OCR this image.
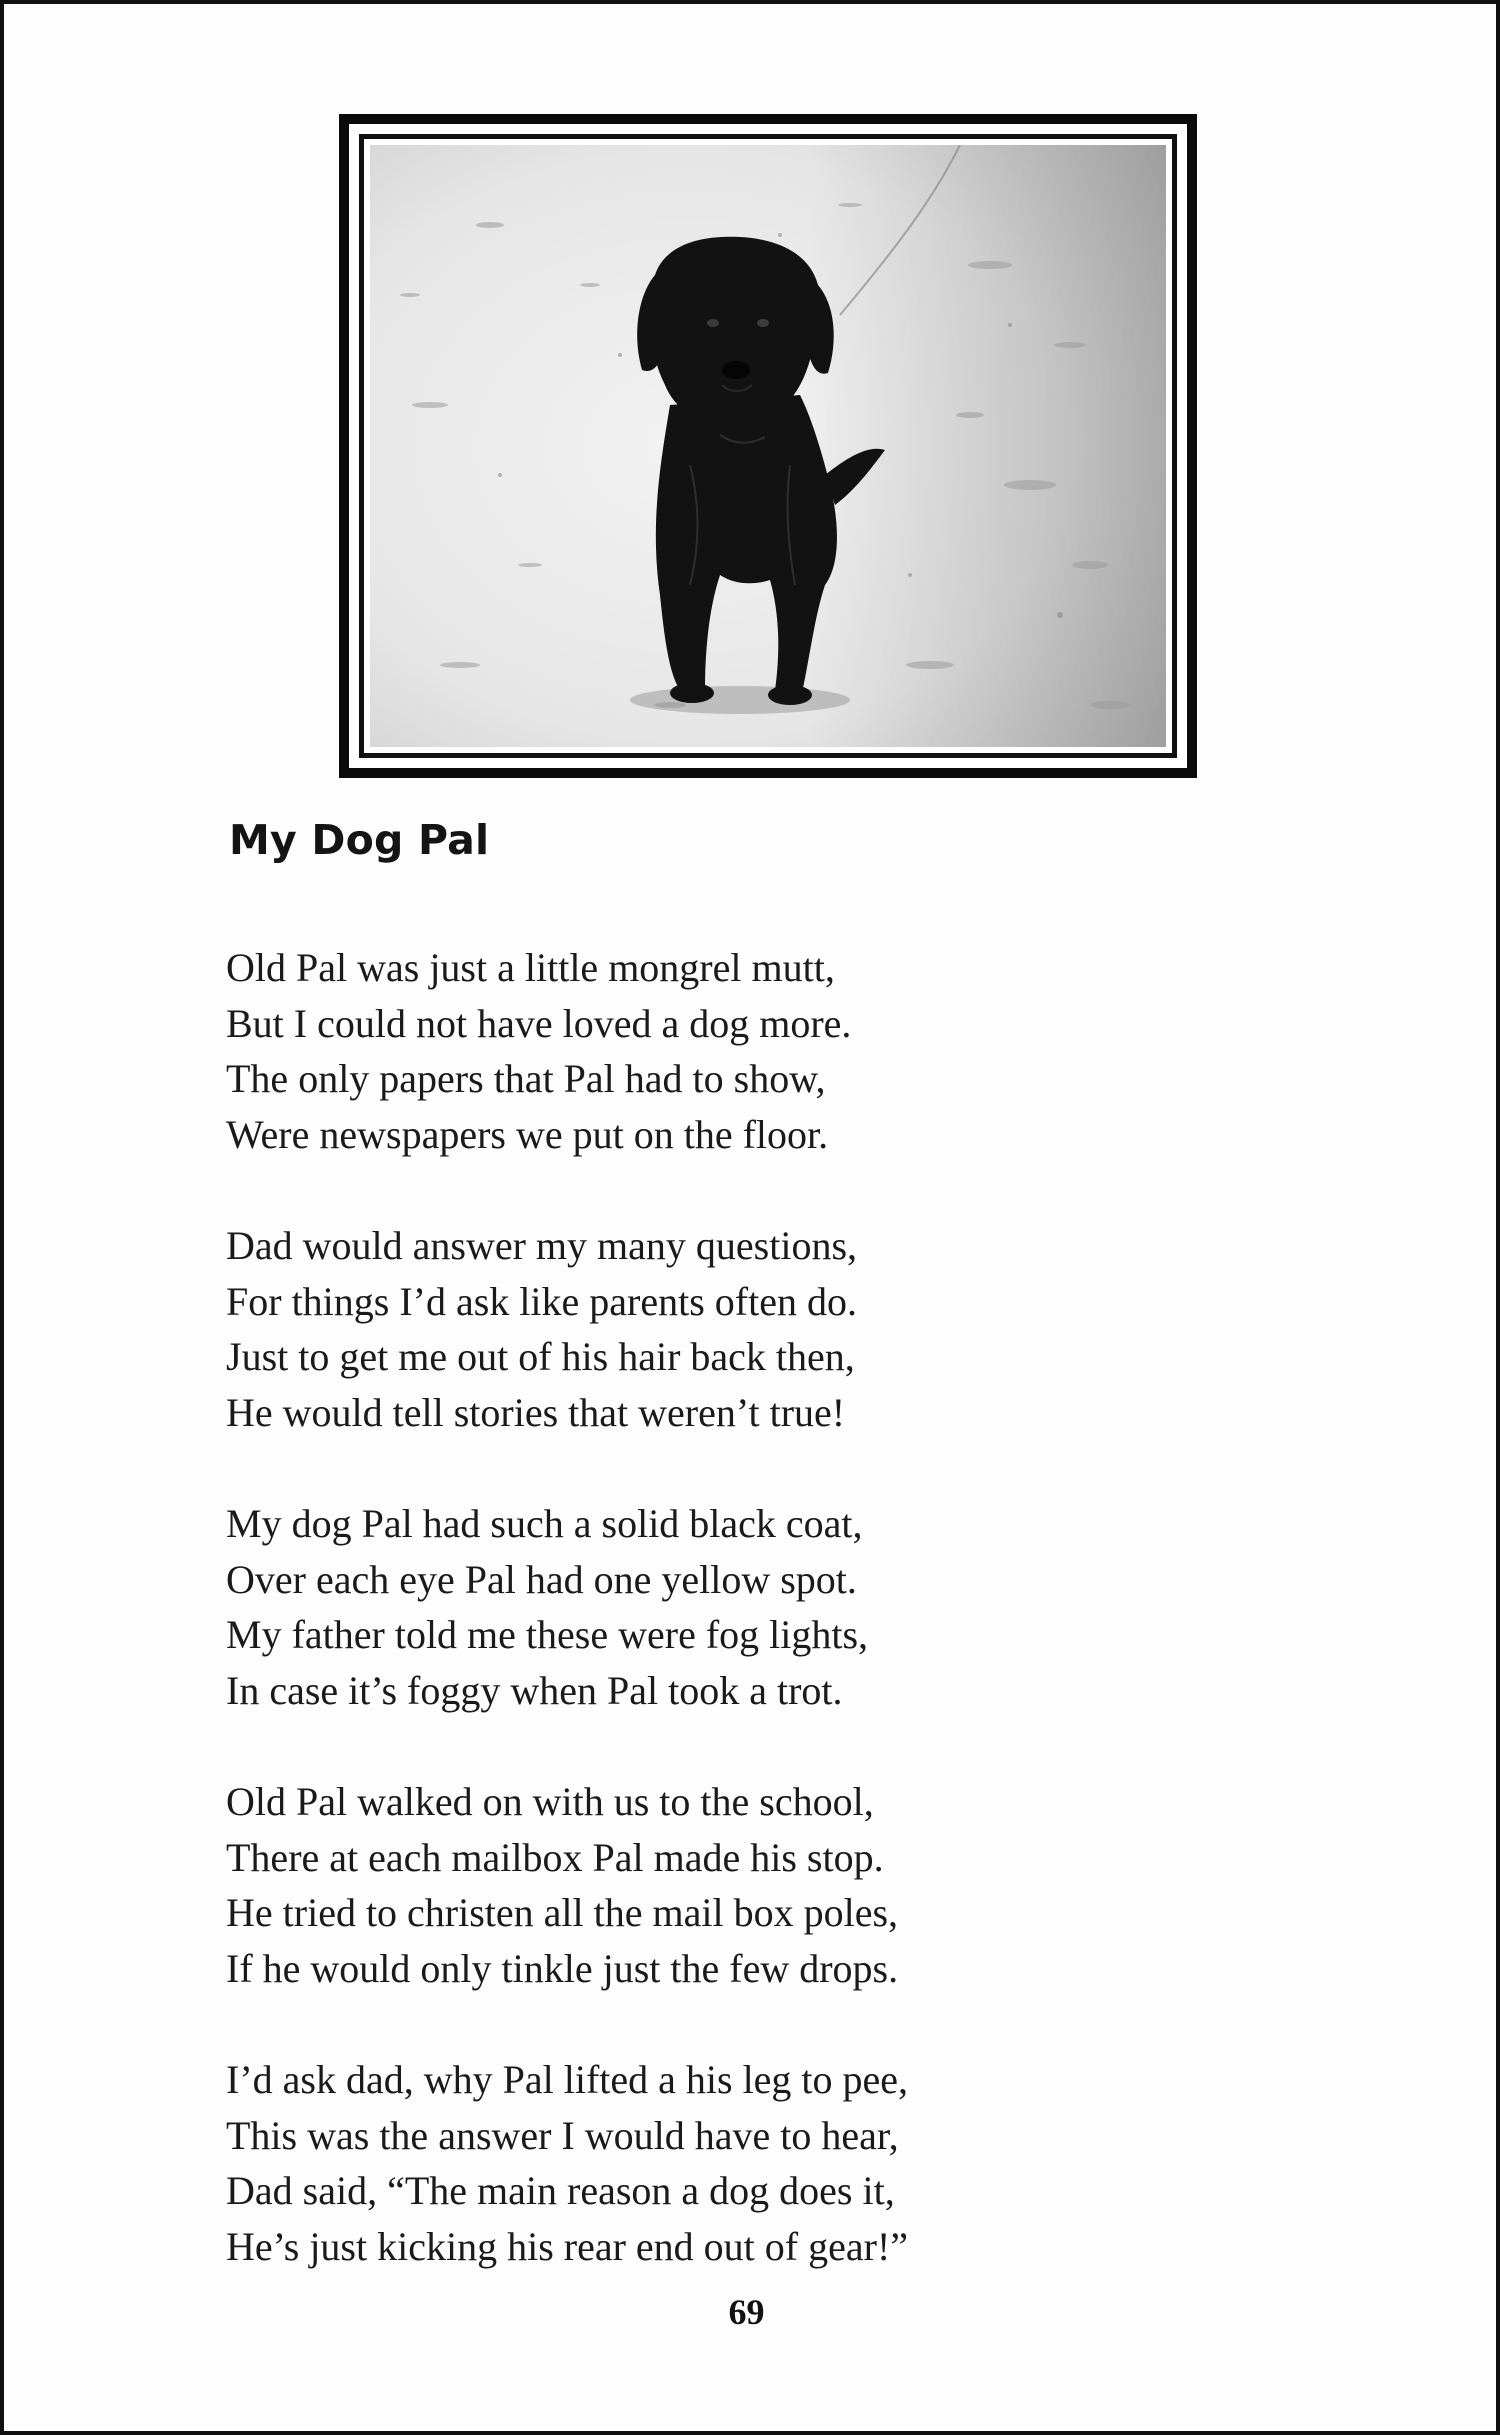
My Dog Pal

Old Pal was just a little mongrel mutt,
But I could not have loved a dog more.
The only papers that Pal had to show,
Were newspapers we put on the floor.

Dad would answer my many questions,
For things I’d ask like parents often do.
Just to get me out of his hair back then,
He would tell stories that weren’t true!

My dog Pal had such a solid black coat,
Over each eye Pal had one yellow spot.
My father told me these were fog lights,
In case it’s foggy when Pal took a trot.

Old Pal walked on with us to the school,
There at each mailbox Pal made his stop.
He tried to christen all the mail box poles,
If he would only tinkle just the few drops.

I’d ask dad, why Pal lifted a his leg to pee,
This was the answer I would have to hear,
Dad said, “The main reason a dog does it,
He’s just kicking his rear end out of gear!”

69
